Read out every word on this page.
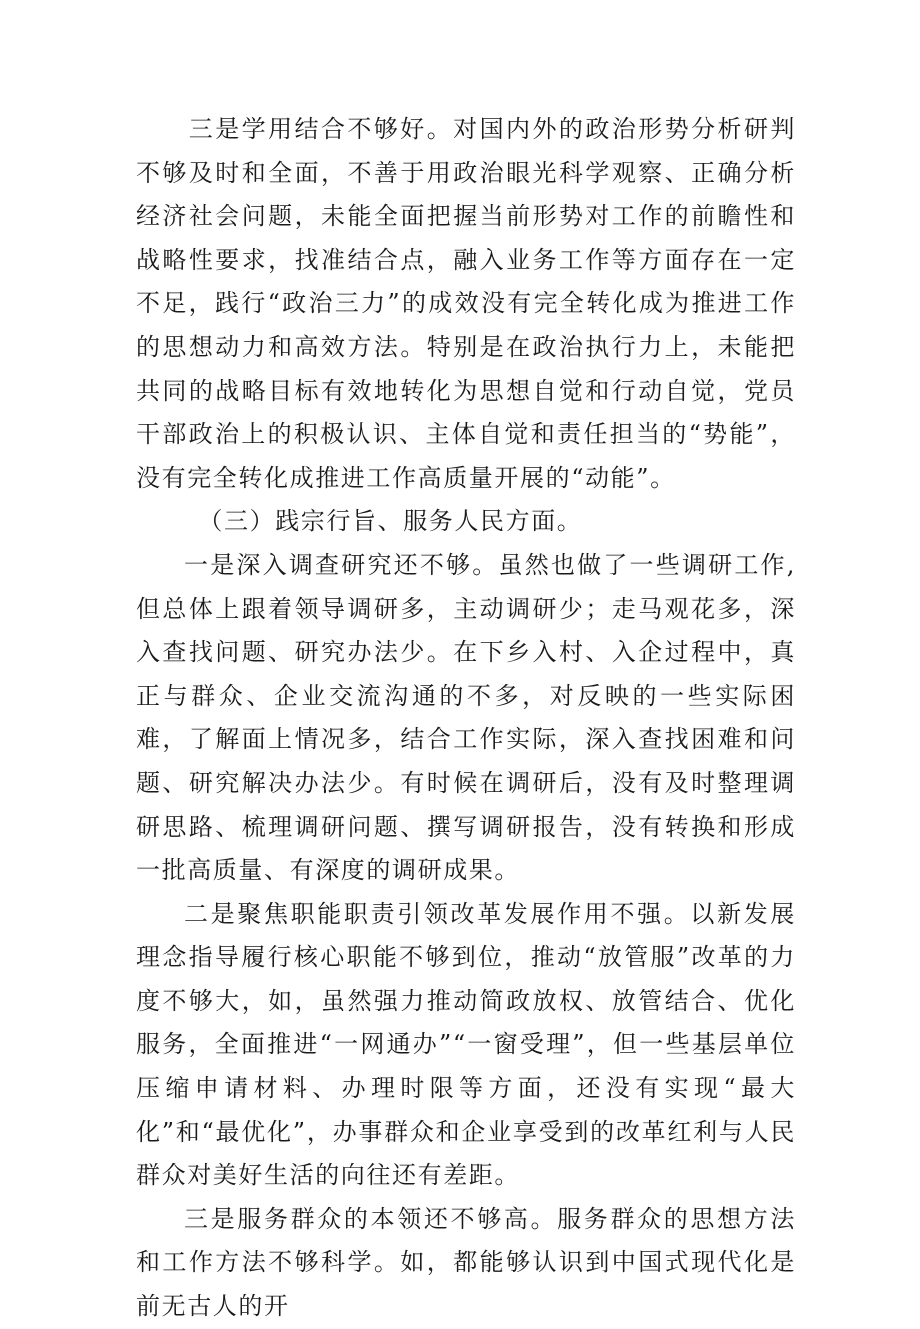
三是学用结合不够好。对国内外的政治形势分析研判不够及时和全面，不善于用政治眼光科学观察、正确分析经济社会问题，未能全面把握当前形势对工作的前瞻性和战略性要求，找准结合点，融入业务工作等方面存在一定不足，践行“政治三力”的成效没有完全转化成为推进工作的思想动力和高效方法。特别是在政治执行力上，未能把共同的战略目标有效地转化为思想自觉和行动自觉，党员干部政治上的积极认识、主体自觉和责任担当的“势能”，没有完全转化成推进工作高质量开展的“动能”。

（三）践宗行旨、服务人民方面。

一是深入调查研究还不够。虽然也做了一些调研工作,但总体上跟着领导调研多，主动调研少；走马观花多，深入查找问题、研究办法少。在下乡入村、入企过程中，真正与群众、企业交流沟通的不多，对反映的一些实际困难，了解面上情况多，结合工作实际，深入查找困难和问题、研究解决办法少。有时候在调研后，没有及时整理调研思路、梳理调研问题、撰写调研报告，没有转换和形成一批高质量、有深度的调研成果。

二是聚焦职能职责引领改革发展作用不强。以新发展理念指导履行核心职能不够到位，推动“放管服”改革的力度不够大，如，虽然强力推动简政放权、放管结合、优化服务，全面推进“一网通办”“一窗受理”，但一些基层单位压缩申请材料、办理时限等方面，还没有实现“最大化”和“最优化”，办事群众和企业享受到的改革红利与人民群众对美好生活的向往还有差距。

三是服务群众的本领还不够高。服务群众的思想方法和工作方法不够科学。如，都能够认识到中国式现代化是前无古人的开
